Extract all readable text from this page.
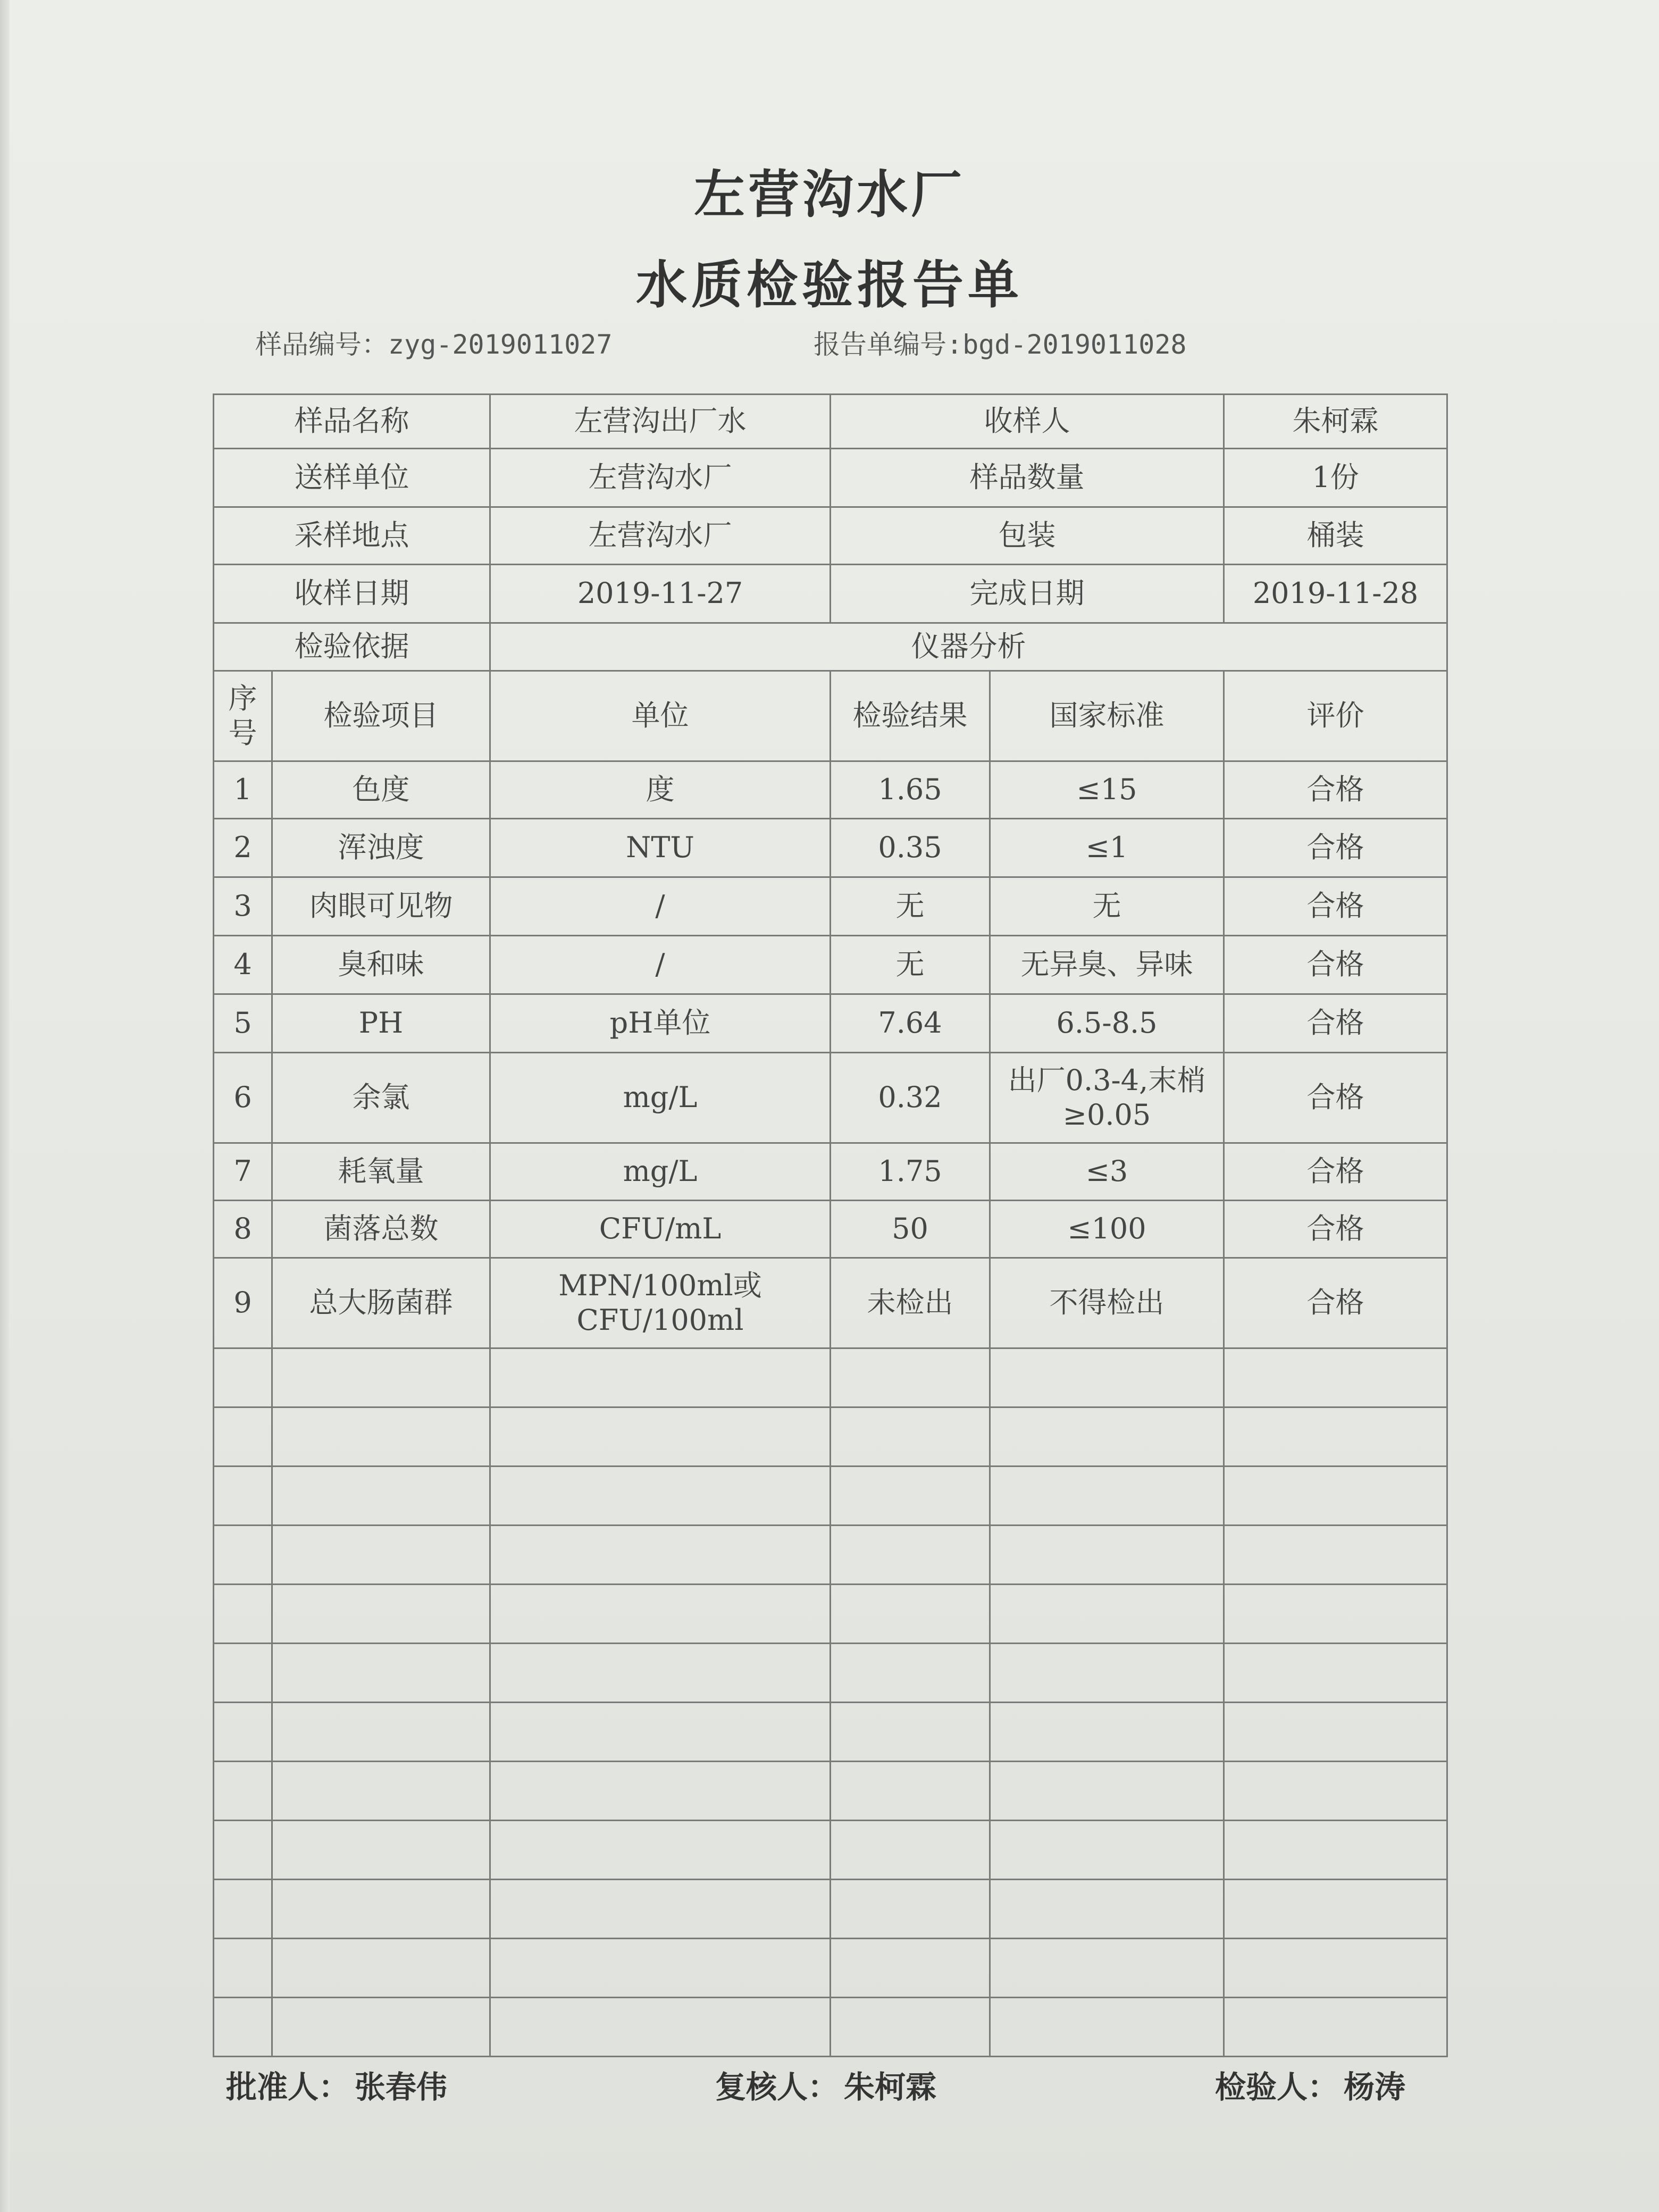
左营沟水厂
水质检验报告单
样品编号：zyg-2019011027	报告单编号:bgd-2019011028
样品名称		左营沟出厂水	收样人		朱柯霖
送样单位		左营沟水厂	样品数量		1份
采样地点		左营沟水厂	包装		桶装
收样日期		2019-11-27	完成日期		2019-11-28
检验依据		仪器分析			
序号	检验项目	单位	检验结果	国家标准	评价
1	色度	度	1.65	≤15	合格
2	浑浊度	NTU	0.35	≤1	合格
3	肉眼可见物	/	无	无	合格
4	臭和味	/	无	无异臭、异味	合格
5	PH	pH单位	7.64	6.5-8.5	合格
6	余氯	mg/L	0.32	出厂0.3-4,末梢≥0.05	合格
7	耗氧量	mg/L	1.75	≤3	合格
8	菌落总数	CFU/mL	50	≤100	合格
9	总大肠菌群	MPN/100ml或CFU/100ml	未检出	不得检出	合格

批准人： 张春伟	复核人： 朱柯霖	检验人： 杨涛
